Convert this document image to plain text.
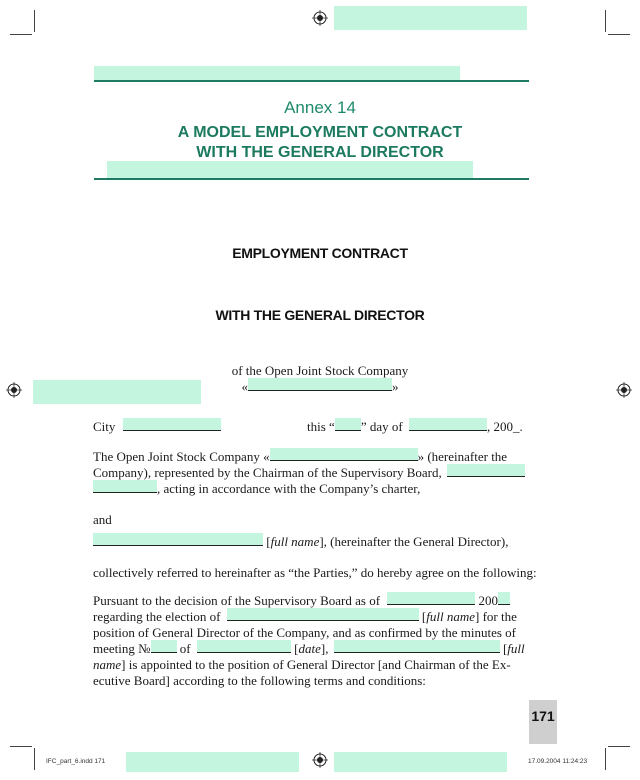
Annex 14
A MODEL EMPLOYMENT CONTRACT
WITH THE GENERAL DIRECTOR
EMPLOYMENT CONTRACT
WITH THE GENERAL DIRECTOR
of the Open Joint Stock Company
«	»
City	this “ ” day of	, 200_.
The Open Joint Stock Company «	» (hereinafter the
Company), represented by the Chairman of the Supervisory Board,
, acting in accordance with the Company’s charter,
and
[full name], (hereinafter the General Director),
collectively referred to hereinafter as “the Parties,” do hereby agree on the following:
Pursuant to the decision of the Supervisory Board as of	200
regarding the election of	[full name] for the
position of General Director of the Company, and as confirmed by the minutes of
meeting № of	[date],	[full
name] is appointed to the position of General Director [and Chairman of the Ex-
ecutive Board] according to the following terms and conditions:
171
IFC_part_6.indd 171	17.09.2004 11:24:23
